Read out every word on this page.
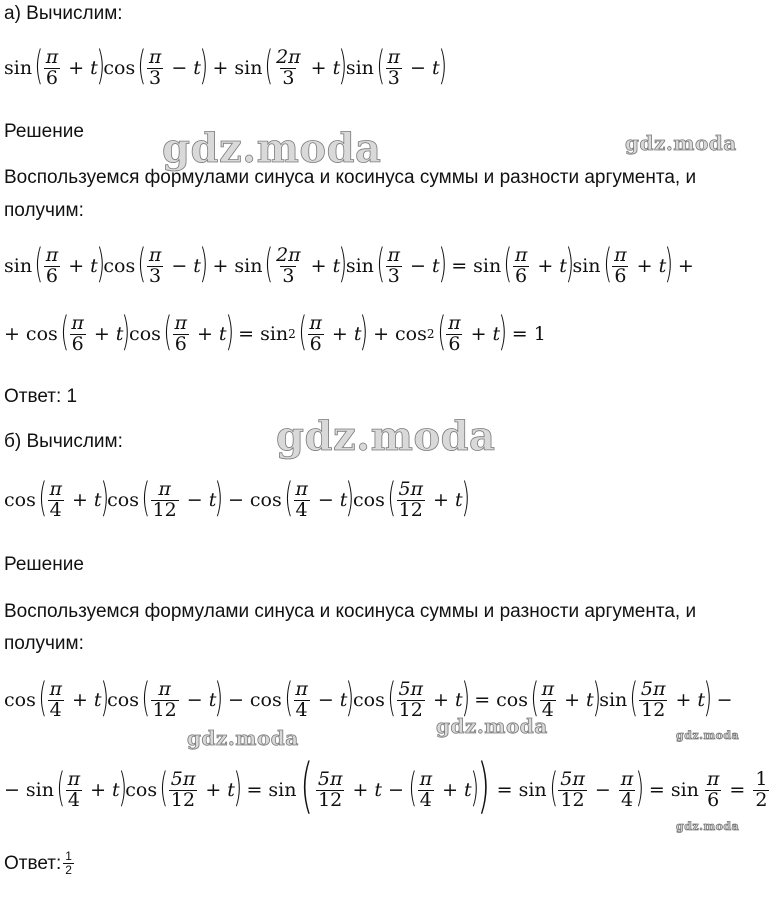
а) Вычислим:
sin ( $\frac{\pi}{6} + t$
)
cos ( $\frac{\pi}{3} - t$
) + sin ( $\frac{2\pi}{3} + t$
)
sin ( $\frac{\pi}{3} - t$
)
Решение
Воспользуемся формулами синуса и косинуса суммы и разности аргумента, и
получим:
sin ( $\frac{\pi}{6} + t$
)
cos ( $\frac{\pi}{3} - t$
) + sin ( $\frac{2\pi}{3} + t$
)
sin ( $\frac{\pi}{3} - t$
) = sin ( $\frac{\pi}{6} + t$
)
sin ( $\frac{\pi}{6} + t$
) +
+ cos ( $\frac{\pi}{6} + t$
)
cos ( $\frac{\pi}{6} + t$
) = sin 2 ( $\frac{\pi}{6} + t$
) + cos 2 ( $\frac{\pi}{6} + t$
) = 1
Ответ: 1
б) Вычислим:
cos ( $\frac{\pi}{4} + t$
)
cos ( $\frac{\pi}{12} - t$
) − cos ( $\frac{\pi}{4} - t$
)
cos ( $\frac{5\pi}{12} + t$
)
Решение
Воспользуемся формулами синуса и косинуса суммы и разности аргумента, и
получим:
cos ( $\frac{\pi}{4} + t$
)
cos ( $\frac{\pi}{12} - t$
) − cos ( $\frac{\pi}{4} - t$
)
cos ( $\frac{5\pi}{12} + t$
) = cos ( $\frac{\pi}{4} + t$
)
sin ( $\frac{5\pi}{12} + t$
) −
− sin ( $\frac{\pi}{4} + t$
)
cos ( $\frac{5\pi}{12} + t$
) = sin ( $\frac{5\pi}{12} + t$ − ( $\frac{\pi}{4} + t$
)
) = sin ( $\frac{5\pi}{12} - \frac{\pi}{4}$ ) = $\sin \frac{\pi}{6} = \frac{1}{2}$
Ответ: $\frac{1}{2}$
gdz.moda	gdz.moda
gdz.moda
gdz.moda	gdz.moda	gdz.moda
gdz.moda
